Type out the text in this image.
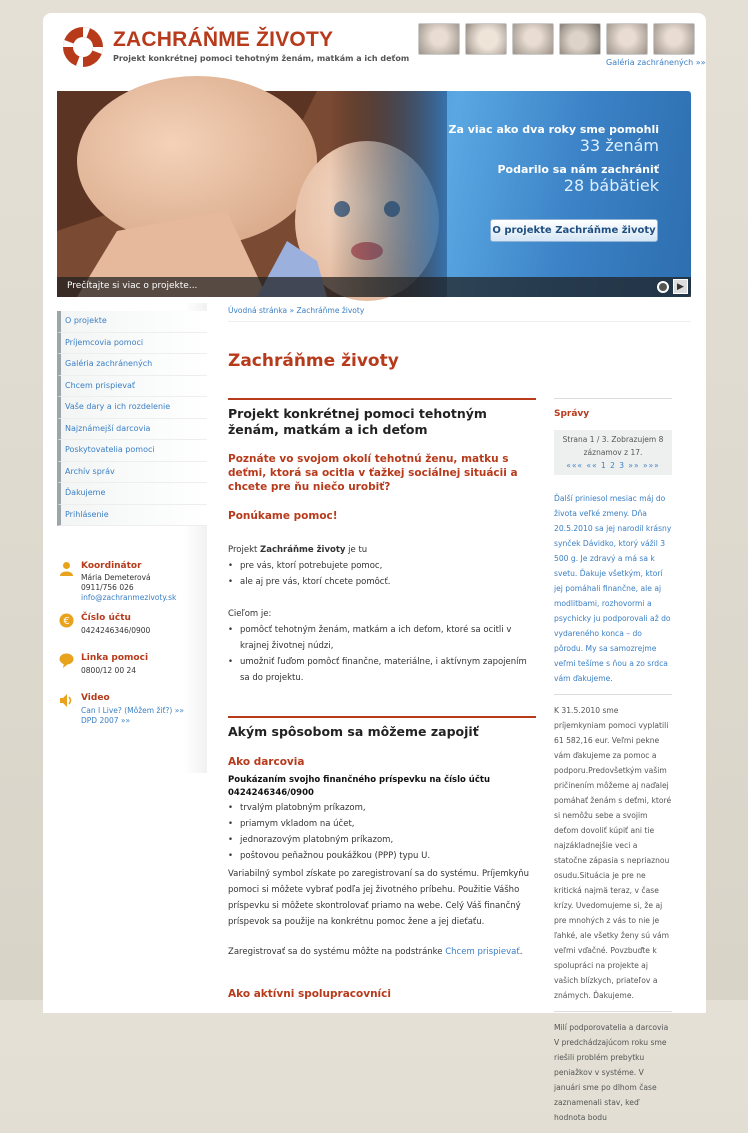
ZACHRÁŇME ŽIVOTY
Projekt konkrétnej pomoci tehotným ženám, matkám a ich deťom	Galéria zachránených »»
Za viac ako dva roky sme pomohli
33 ženám
Podarilo sa nám zachrániť
28 bábätiek
O projekte Zachráňme životy
Prečítajte si viac o projekte...	▶
O projekte
Príjemcovia pomoci
Galéria zachránených
Chcem prispievať
Vaše dary a ich rozdelenie
Najznámejší darcovia
Poskytovatelia pomoci
Archív správ
Ďakujeme
Prihlásenie
Koordinátor
Mária Demeterová
0911/756 026
info@zachranmezivoty.sk
€ Číslo účtu
0424246346/0900
Linka pomoci
0800/12 00 24
Video
Can I Live? (Môžem žiť?) »»
DPD 2007 »»
Úvodná stránka » Zachráňme životy
Zachráňme životy
Projekt konkrétnej pomoci tehotným ženám, matkám a ich deťom
Poznáte vo svojom okolí tehotnú ženu, matku s deťmi, ktorá sa ocitla v ťažkej sociálnej situácii a chcete pre ňu niečo urobiť?
Ponúkame pomoc!

Projekt Zachráňme životy je tu

• pre vás, ktorí potrebujete pomoc,
• ale aj pre vás, ktorí chcete pomôcť.

Cieľom je:

• pomôcť tehotným ženám, matkám a ich deťom, ktoré sa ocitli v krajnej životnej núdzi,
• umožniť ľuďom pomôcť finančne, materiálne, i aktívnym zapojením sa do projektu.
Akým spôsobom sa môžeme zapojiť
Ako darcovia

Poukázaním svojho finančného príspevku na číslo účtu 0424246346/0900

• trvalým platobným príkazom,
• priamym vkladom na účet,
• jednorazovým platobným príkazom,
• poštovou peňažnou poukážkou (PPP) typu U.

Variabilný symbol získate po zaregistrovaní sa do systému. Príjemkyňu pomoci si môžete vybrať podľa jej životného príbehu. Použitie Vášho príspevku si môžete skontrolovať priamo na webe. Celý Váš finančný príspevok sa použije na konkrétnu pomoc žene a jej dieťaťu.

Zaregistrovať sa do systému môžte na podstránke Chcem prispievať.

Ako aktívni spolupracovníci
Správy
Strana 1 / 3. Zobrazujem 8 záznamov z 17.
««« «« 1 2 3 »» »»»
Ďalší priniesol mesiac máj do života veľké zmeny. Dňa 20.5.2010 sa jej narodil krásny synček Dávidko, ktorý vážil 3 500 g. Je zdravý a má sa k svetu. Ďakuje všetkým, ktorí jej pomáhali finančne, ale aj modlitbami, rozhovormi a psychicky ju podporovali až do vydareného konca – do pôrodu. My sa samozrejme veľmi tešíme s ňou a zo srdca vám ďakujeme.
K 31.5.2010 sme príjemkyniam pomoci vyplatili 61 582,16 eur. Veľmi pekne vám ďakujeme za pomoc a podporu.Predovšetkým vašim pričinením môžeme aj naďalej pomáhať ženám s deťmi, ktoré si nemôžu sebe a svojim deťom dovoliť kúpiť ani tie najzákladnejšie veci a statočne zápasia s nepriaznou osudu.Situácia je pre ne kritická najmä teraz, v čase krízy. Uvedomujeme si, že aj pre mnohých z vás to nie je ľahké, ale všetky ženy sú vám veľmi vďačné. Povzbuďte k spolupráci na projekte aj vašich blízkych, priateľov a známych. Ďakujeme.
Milí podporovatelia a darcovia V predchádzajúcom roku sme riešili problém prebytku peniažkov v systéme. V januári sme po dlhom čase zaznamenali stav, keď hodnota bodu
